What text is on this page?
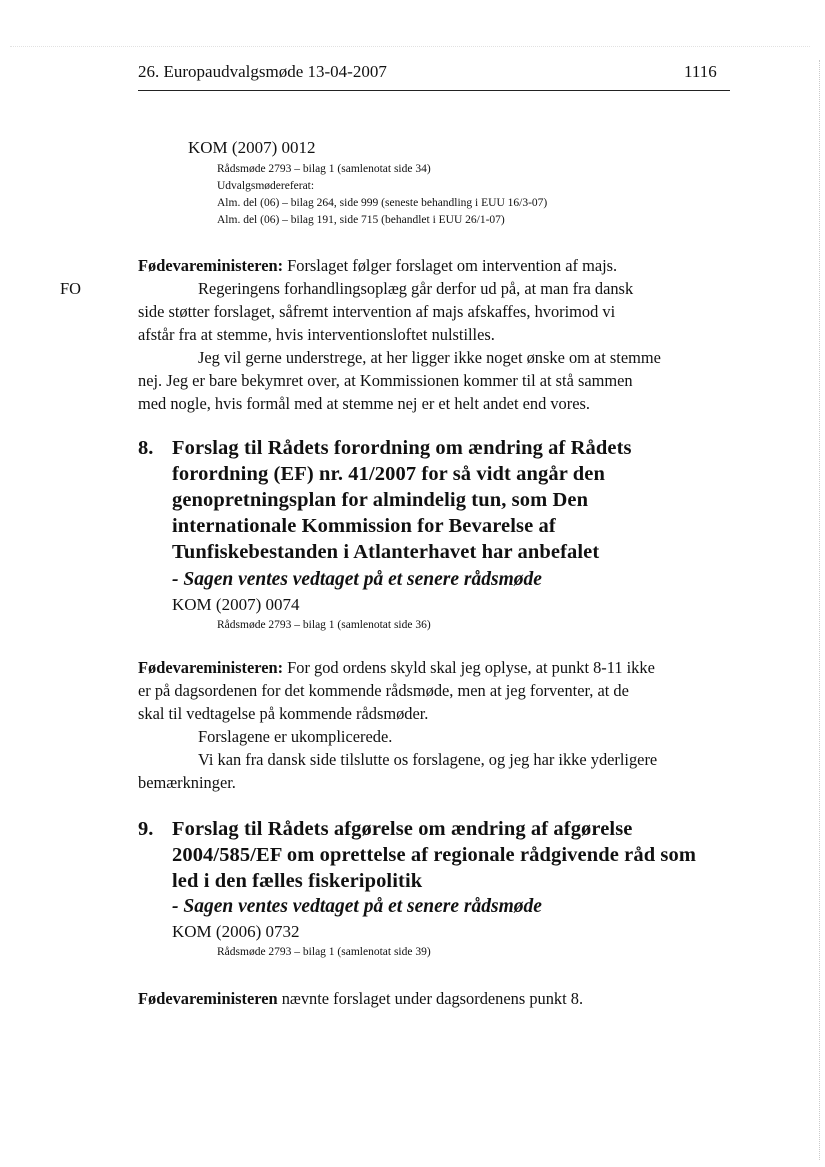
26. Europaudvalgsmøde 13-04-2007	1116
KOM (2007) 0012
Rådsmøde 2793 – bilag 1 (samlenotat side 34)
Udvalgsmødereferat:
Alm. del (06) – bilag 264, side 999 (seneste behandling i EUU 16/3-07)
Alm. del (06) – bilag 191, side 715 (behandlet i EUU 26/1-07)
Fødevareministeren: Forslaget følger forslaget om intervention af majs.
FO	Regeringens forhandlingsoplæg går derfor ud på, at man fra dansk
side støtter forslaget, såfremt intervention af majs afskaffes, hvorimod vi
afstår fra at stemme, hvis interventionsloftet nulstilles.
Jeg vil gerne understrege, at her ligger ikke noget ønske om at stemme
nej. Jeg er bare bekymret over, at Kommissionen kommer til at stå sammen
med nogle, hvis formål med at stemme nej er et helt andet end vores.
8. Forslag til Rådets forordning om ændring af Rådets
forordning (EF) nr. 41/2007 for så vidt angår den
genopretningsplan for almindelig tun, som Den
internationale Kommission for Bevarelse af
Tunfiskebestanden i Atlanterhavet har anbefalet
- Sagen ventes vedtaget på et senere rådsmøde
KOM (2007) 0074
Rådsmøde 2793 – bilag 1 (samlenotat side 36)
Fødevareministeren: For god ordens skyld skal jeg oplyse, at punkt 8-11 ikke
er på dagsordenen for det kommende rådsmøde, men at jeg forventer, at de
skal til vedtagelse på kommende rådsmøder.
Forslagene er ukomplicerede.
Vi kan fra dansk side tilslutte os forslagene, og jeg har ikke yderligere
bemærkninger.
9. Forslag til Rådets afgørelse om ændring af afgørelse
2004/585/EF om oprettelse af regionale rådgivende råd som
led i den fælles fiskeripolitik
- Sagen ventes vedtaget på et senere rådsmøde
KOM (2006) 0732
Rådsmøde 2793 – bilag 1 (samlenotat side 39)
Fødevareministeren nævnte forslaget under dagsordenens punkt 8.
